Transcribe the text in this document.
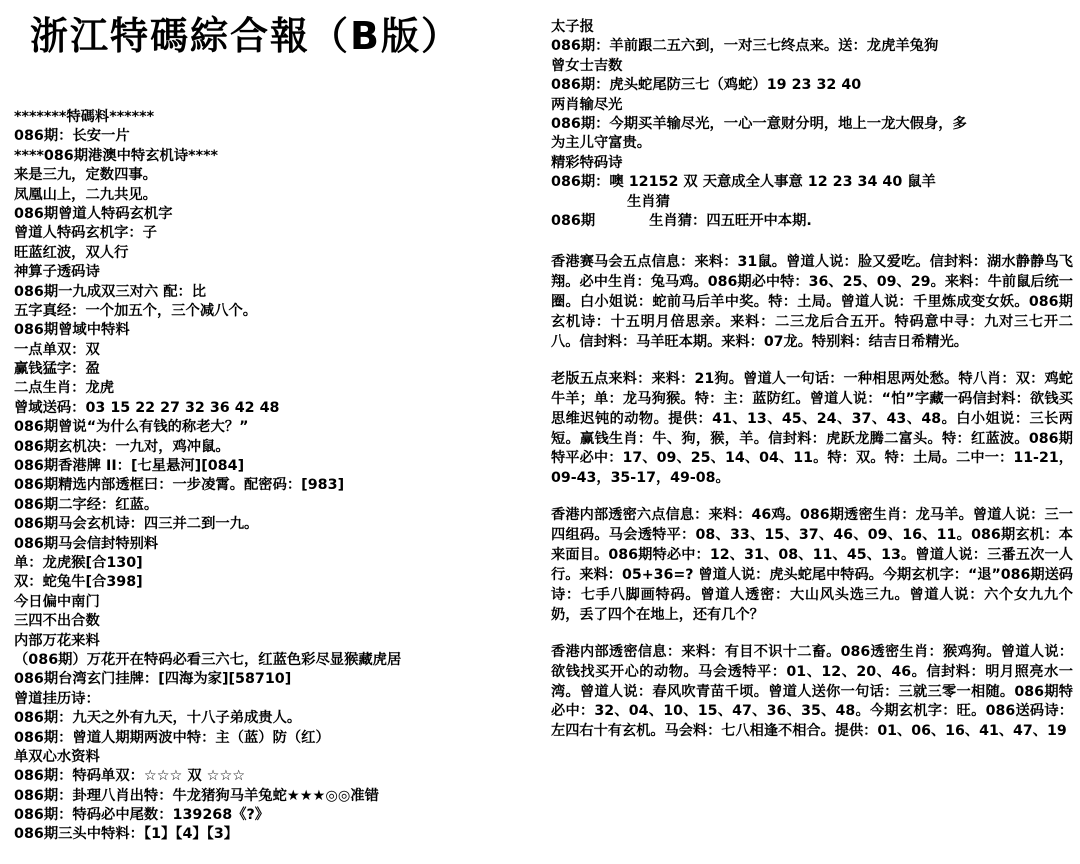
浙江特碼綜合報（B版）
*******特碼料******
086期：长安一片
****086期港澳中特玄机诗****
来是三九，定数四事。
凤凰山上，二九共见。
086期曾道人特码玄机字
曾道人特码玄机字：子
旺蓝红波，双人行
神算子透码诗
086期一九成双三对六 配：比
五字真经：一个加五个，三个减八个。
086期曾域中特料
一点单双：双
赢钱猛字：盈
二点生肖：龙虎
曾域送码：03 15 22 27 32 36 42 48
086期曾说“为什么有钱的称老大？”
086期玄机决：一九对，鸡冲鼠。
086期香港牌 II：[七星悬河][084]
086期精选内部透框曰：一步凌霄。配密码：[983]
086期二字经：红蓝。
086期马会玄机诗：四三并二到一九。
086期马会信封特别料
单：龙虎猴[合130]
双：蛇兔牛[合398]
今日偏中南门
三四不出合数
内部万花来料
（086期）万花开在特码必看三六七，红蓝色彩尽显猴藏虎居
086期台湾玄门挂牌：[四海为家][58710]
曾道挂历诗：
086期：九天之外有九天，十八子弟成贵人。
086期：曾道人期期两波中特：主（蓝）防（红）
单双心水资料
086期：特码单双：☆☆☆ 双 ☆☆☆
086期：卦理八肖出特：牛龙猪狗马羊兔蛇★★★◎◎准错
086期：特码必中尾数：139268《?》
086期三头中特料：【1】【4】【3】
太子报
086期：羊前跟二五六到，一对三七终点来。送：龙虎羊兔狗
曾女士吉数
086期：虎头蛇尾防三七（鸡蛇）19 23 32 40
两肖输尽光
086期：今期买羊输尽光，一心一意财分明，地上一龙大假身，多
为主儿守富贵。
精彩特码诗
086期：噢 12152 双 天意成全人事意 12 23 34 40 鼠羊
生肖猜
086期	生肖猜：四五旺开中本期.
香港赛马会五点信息：来料：31鼠。曾道人说：脸又爱吃。信封料：湖水静静鸟飞翔。必中生肖：兔马鸡。086期必中特：36、25、09、29。来料：牛前鼠后统一圈。白小姐说：蛇前马后羊中奖。特：土局。曾道人说：千里炼成变女妖。086期玄机诗：十五明月倍思亲。来料：二三龙后合五开。特码意中寻：九对三七开二八。信封料：马羊旺本期。来料：07龙。特别料：结吉日希精光。
老版五点来料：来料：21狗。曾道人一句话：一种相思两处愁。特八肖：双：鸡蛇牛羊；单：龙马狗猴。特：主：蓝防红。曾道人说：“怕”字藏一码信封料：欲钱买思维迟钝的动物。提供：41、13、45、24、37、43、48。白小姐说：三长两短。赢钱生肖：牛、狗，猴，羊。信封料：虎跃龙腾二富头。特：红蓝波。086期特平必中：17、09、25、14、04、11。特：双。特：土局。二中一：11-21，09-43，35-17，49-08。
香港内部透密六点信息：来料：46鸡。086期透密生肖：龙马羊。曾道人说：三一四组码。马会透特平：08、33、15、37、46、09、16、11。086期玄机：本来面目。086期特必中：12、31、08、11、45、13。曾道人说：三番五次一人行。来料：05+36=? 曾道人说：虎头蛇尾中特码。今期玄机字：“退”086期送码诗：七手八脚画特码。曾道人透密：大山风头选三九。曾道人说：六个女九九个奶，丢了四个在地上，还有几个？
香港内部透密信息：来料：有目不识十二畜。086透密生肖：猴鸡狗。曾道人说：欲钱找买开心的动物。马会透特平：01、12、20、46。信封料：明月照亮水一湾。曾道人说：春风吹青苗千顷。曾道人送你一句话：三就三零一相随。086期特必中：32、04、10、15、47、36、35、48。今期玄机字：旺。086送码诗：左四右十有玄机。马会料：七八相逢不相合。提供：01、06、16、41、47、19
